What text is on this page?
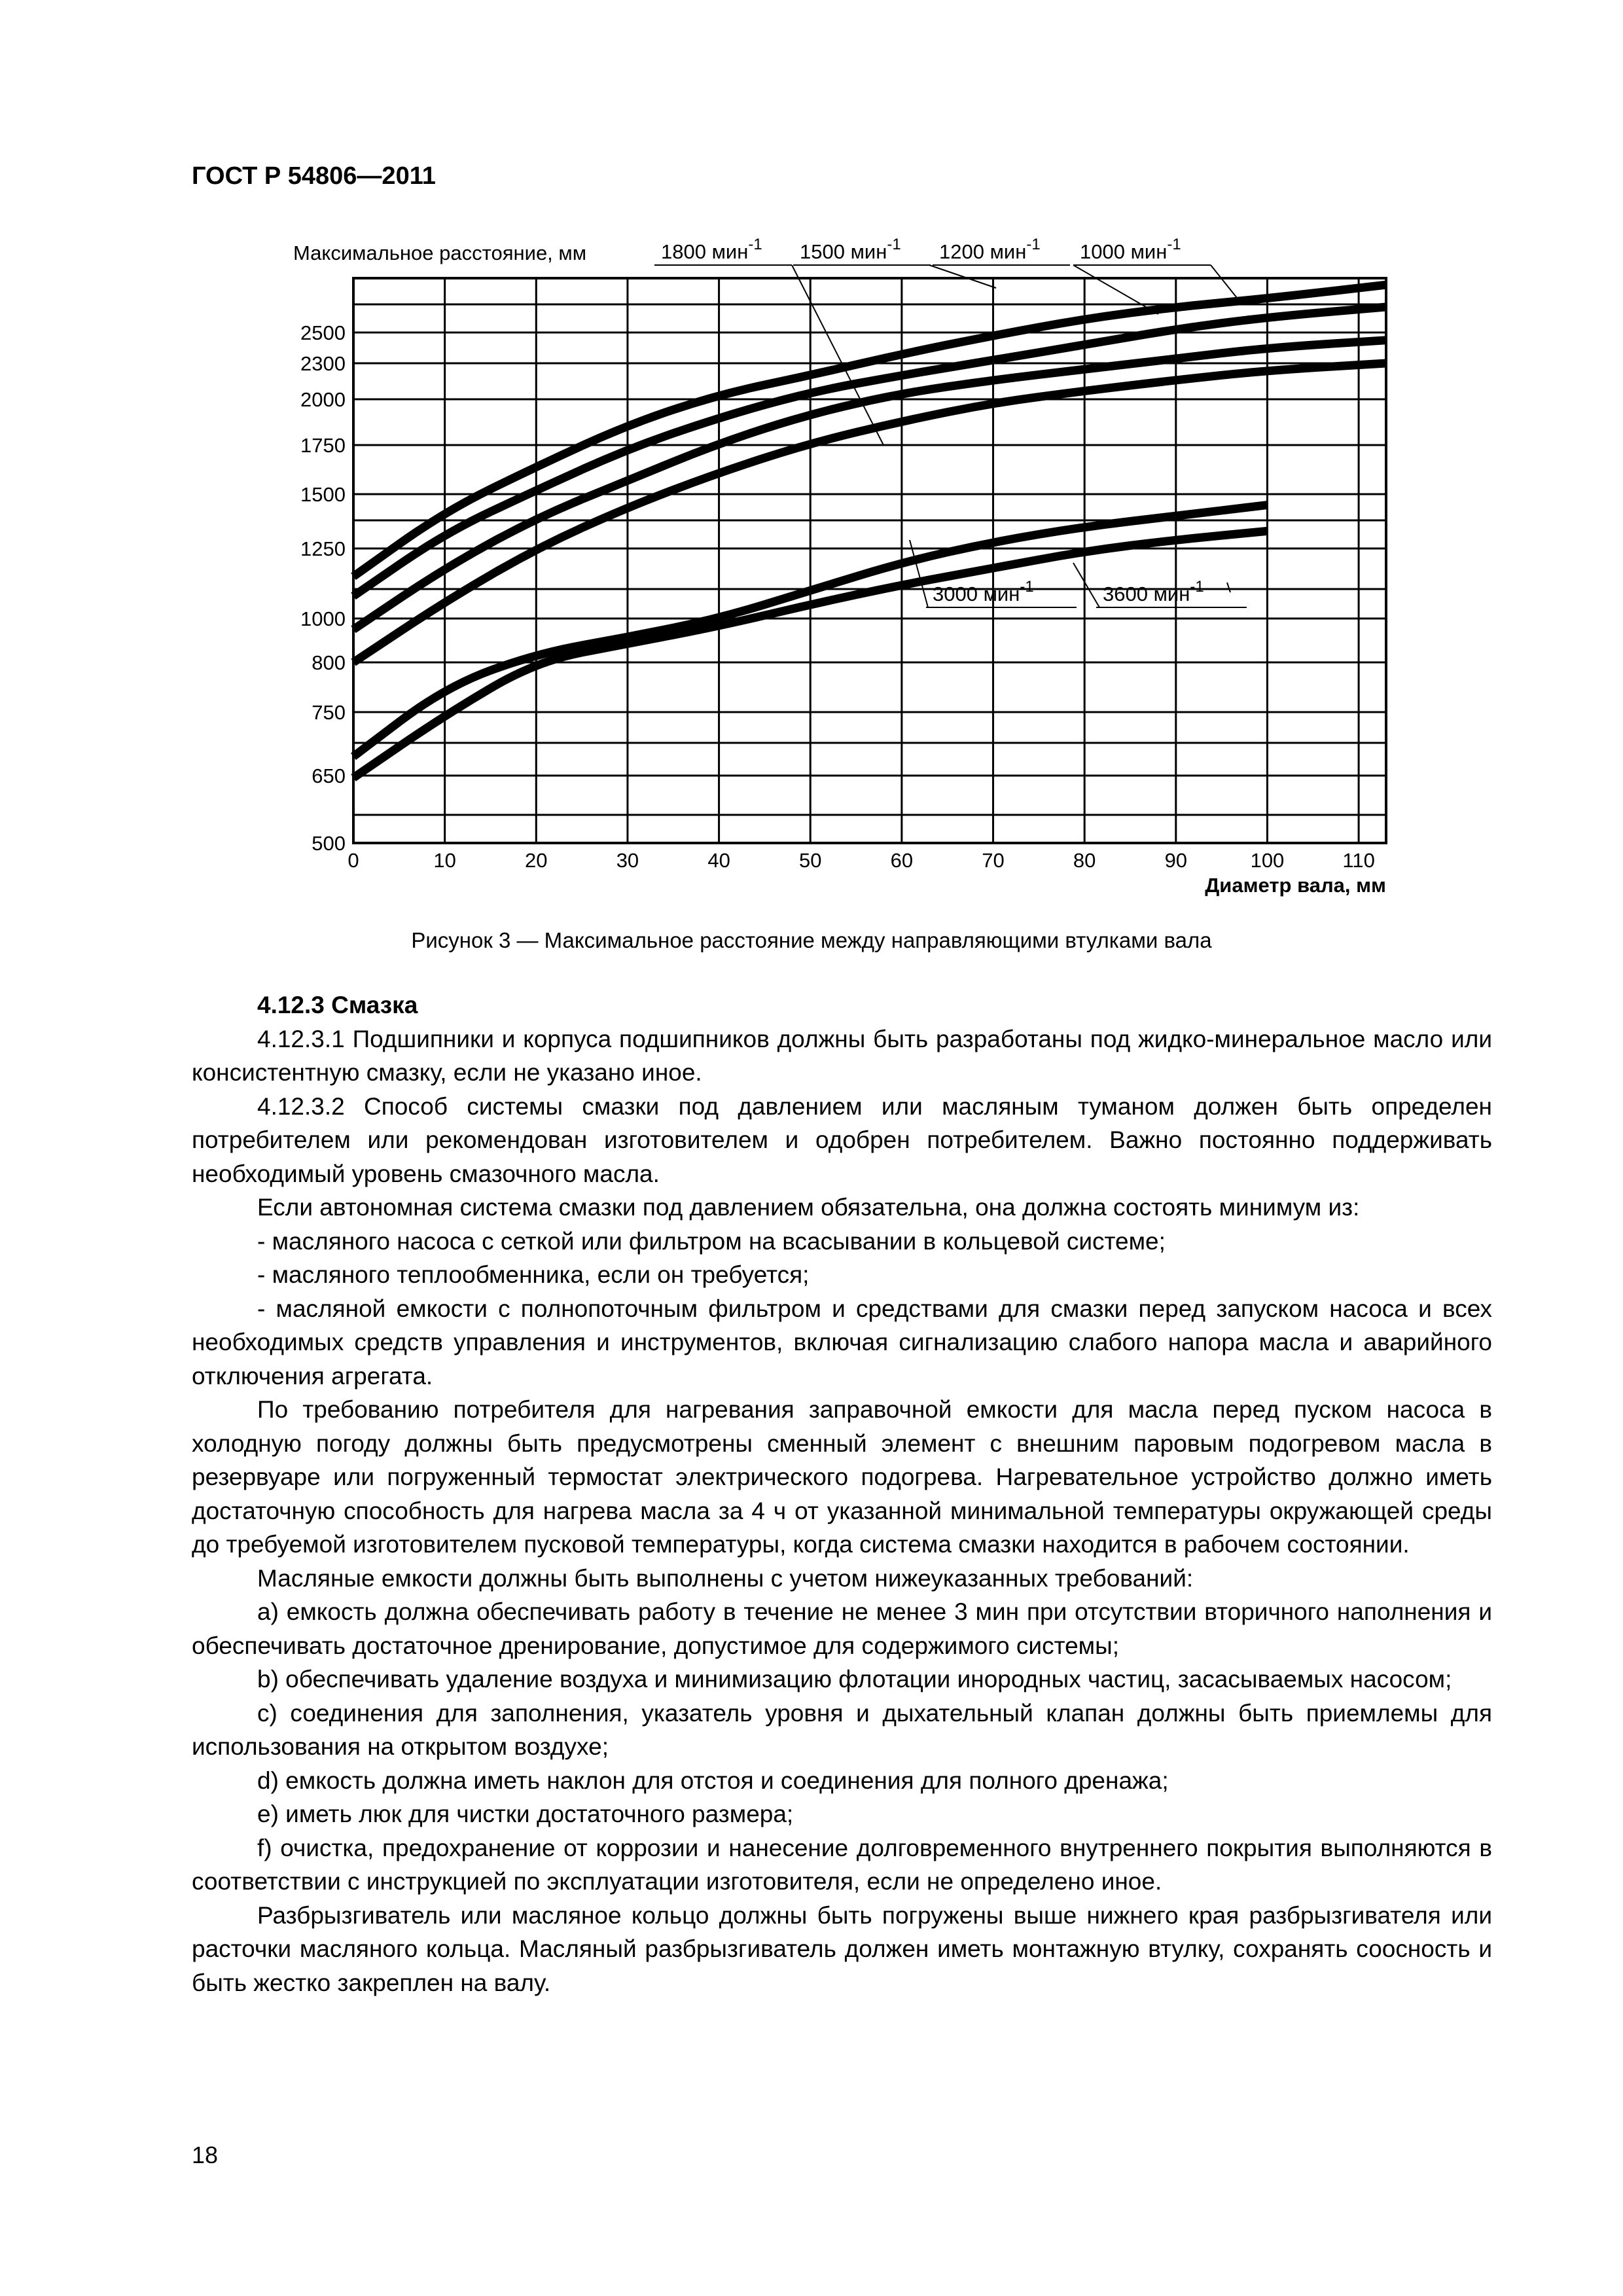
ГОСТ Р 54806—2011
Максимальное расстояние, мм
Диаметр вала, мм
2500
2300
2000
1750
1500
1250
1000
800
750
650
500
0	10	20	30	40	50	60	70	80	90	100	110
1800 мин$^{-1}$ 1500 мин$^{-1}$ 1200 мин$^{-1}$ 1000 мин$^{-1}$
3000 мин$^{-1}$	3600 мин$^{-1}$
Рисунок 3 — Максимальное расстояние между направляющими втулками вала
4.12.3 Смазка

4.12.3.1 Подшипники и корпуса подшипников должны быть разработаны под жидко-минеральное масло или консистентную смазку, если не указано иное.

4.12.3.2 Способ системы смазки под давлением или масляным туманом должен быть определен потребителем или рекомендован изготовителем и одобрен потребителем. Важно постоянно поддерживать необходимый уровень смазочного масла.

Если автономная система смазки под давлением обязательна, она должна состоять минимум из:

- масляного насоса с сеткой или фильтром на всасывании в кольцевой системе;

- масляного теплообменника, если он требуется;

- масляной емкости с полнопоточным фильтром и средствами для смазки перед запуском насоса и всех необходимых средств управления и инструментов, включая сигнализацию слабого напора масла и аварийного отключения агрегата.

По требованию потребителя для нагревания заправочной емкости для масла перед пуском насоса в холодную погоду должны быть предусмотрены сменный элемент с внешним паровым подогревом масла в резервуаре или погруженный термостат электрического подогрева. Нагревательное устройство должно иметь достаточную способность для нагрева масла за 4 ч от указанной минимальной температуры окружающей среды до требуемой изготовителем пусковой температуры, когда система смазки находится в рабочем состоянии.

Масляные емкости должны быть выполнены с учетом нижеуказанных требований:

a) емкость должна обеспечивать работу в течение не менее 3 мин при отсутствии вторичного наполнения и обеспечивать достаточное дренирование, допустимое для содержимого системы;

b) обеспечивать удаление воздуха и минимизацию флотации инородных частиц, засасываемых насосом;

c) соединения для заполнения, указатель уровня и дыхательный клапан должны быть приемлемы для использования на открытом воздухе;

d) емкость должна иметь наклон для отстоя и соединения для полного дренажа;

e) иметь люк для чистки достаточного размера;

f) очистка, предохранение от коррозии и нанесение долговременного внутреннего покрытия выполняются в соответствии с инструкцией по эксплуатации изготовителя, если не определено иное.

Разбрызгиватель или масляное кольцо должны быть погружены выше нижнего края разбрызгивателя или расточки масляного кольца. Масляный разбрызгиватель должен иметь монтажную втулку, сохранять соосность и быть жестко закреплен на валу.

18
